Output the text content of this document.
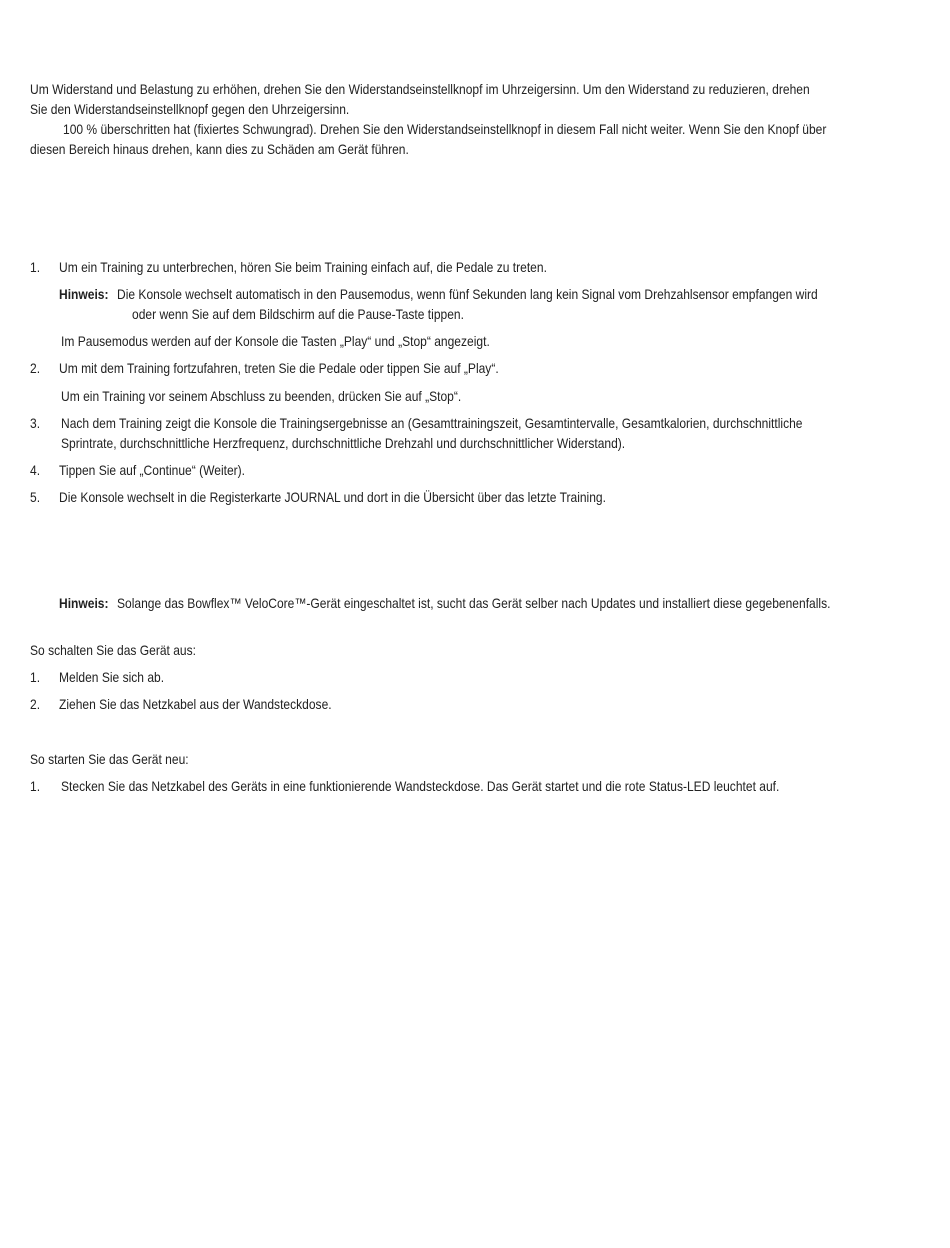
Um Widerstand und Belastung zu erhöhen, drehen Sie den Widerstandseinstellknopf im Uhrzeigersinn. Um den Widerstand zu reduzieren, drehen
Sie den Widerstandseinstellknopf gegen den Uhrzeigersinn.
100 % überschritten hat (fixiertes Schwungrad). Drehen Sie den Widerstandseinstellknopf in diesem Fall nicht weiter. Wenn Sie den Knopf über
diesen Bereich hinaus drehen, kann dies zu Schäden am Gerät führen.
1. Um ein Training zu unterbrechen, hören Sie beim Training einfach auf, die Pedale zu treten.
Hinweis: Die Konsole wechselt automatisch in den Pausemodus, wenn fünf Sekunden lang kein Signal vom Drehzahlsensor empfangen wird
oder wenn Sie auf dem Bildschirm auf die Pause-Taste tippen.
Im Pausemodus werden auf der Konsole die Tasten „Play“ und „Stop“ angezeigt.
2. Um mit dem Training fortzufahren, treten Sie die Pedale oder tippen Sie auf „Play“.
Um ein Training vor seinem Abschluss zu beenden, drücken Sie auf „Stop“.
3. Nach dem Training zeigt die Konsole die Trainingsergebnisse an (Gesamttrainingszeit, Gesamtintervalle, Gesamtkalorien, durchschnittliche
Sprintrate, durchschnittliche Herzfrequenz, durchschnittliche Drehzahl und durchschnittlicher Widerstand).
4. Tippen Sie auf „Continue“ (Weiter).
5. Die Konsole wechselt in die Registerkarte JOURNAL und dort in die Übersicht über das letzte Training.
Hinweis: Solange das Bowflex™ VeloCore™-Gerät eingeschaltet ist, sucht das Gerät selber nach Updates und installiert diese gegebenenfalls.
So schalten Sie das Gerät aus:
1. Melden Sie sich ab.
2. Ziehen Sie das Netzkabel aus der Wandsteckdose.
So starten Sie das Gerät neu:
1. Stecken Sie das Netzkabel des Geräts in eine funktionierende Wandsteckdose. Das Gerät startet und die rote Status-LED leuchtet auf.
